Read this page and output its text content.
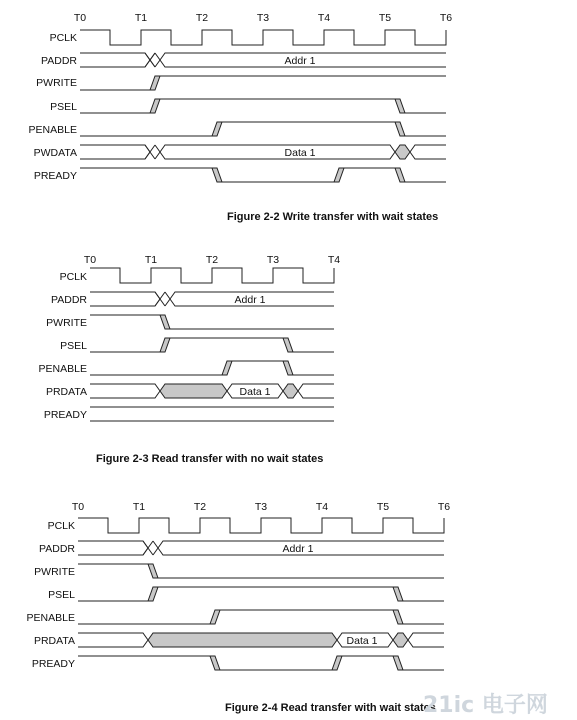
T0	T1	T2	T3	T4	T5	T6
PCLK
PADDR
PWRITE
PSEL
PENABLE
PWDATA
PREADY
Addr 1
Data 1
Figure 2-2 Write transfer with wait states
T0	T1	T2	T3	T4
PCLK
PADDR
PWRITE
PSEL
PENABLE
PRDATA
PREADY
Addr 1
Data 1
Figure 2-3 Read transfer with no wait states
T0	T1	T2	T3	T4	T5	T6
PCLK
PADDR
PWRITE
PSEL
PENABLE
PRDATA
PREADY
Addr 1
Data 1
Figure 2-4 Read transfer with wait states
21ic 电子网
